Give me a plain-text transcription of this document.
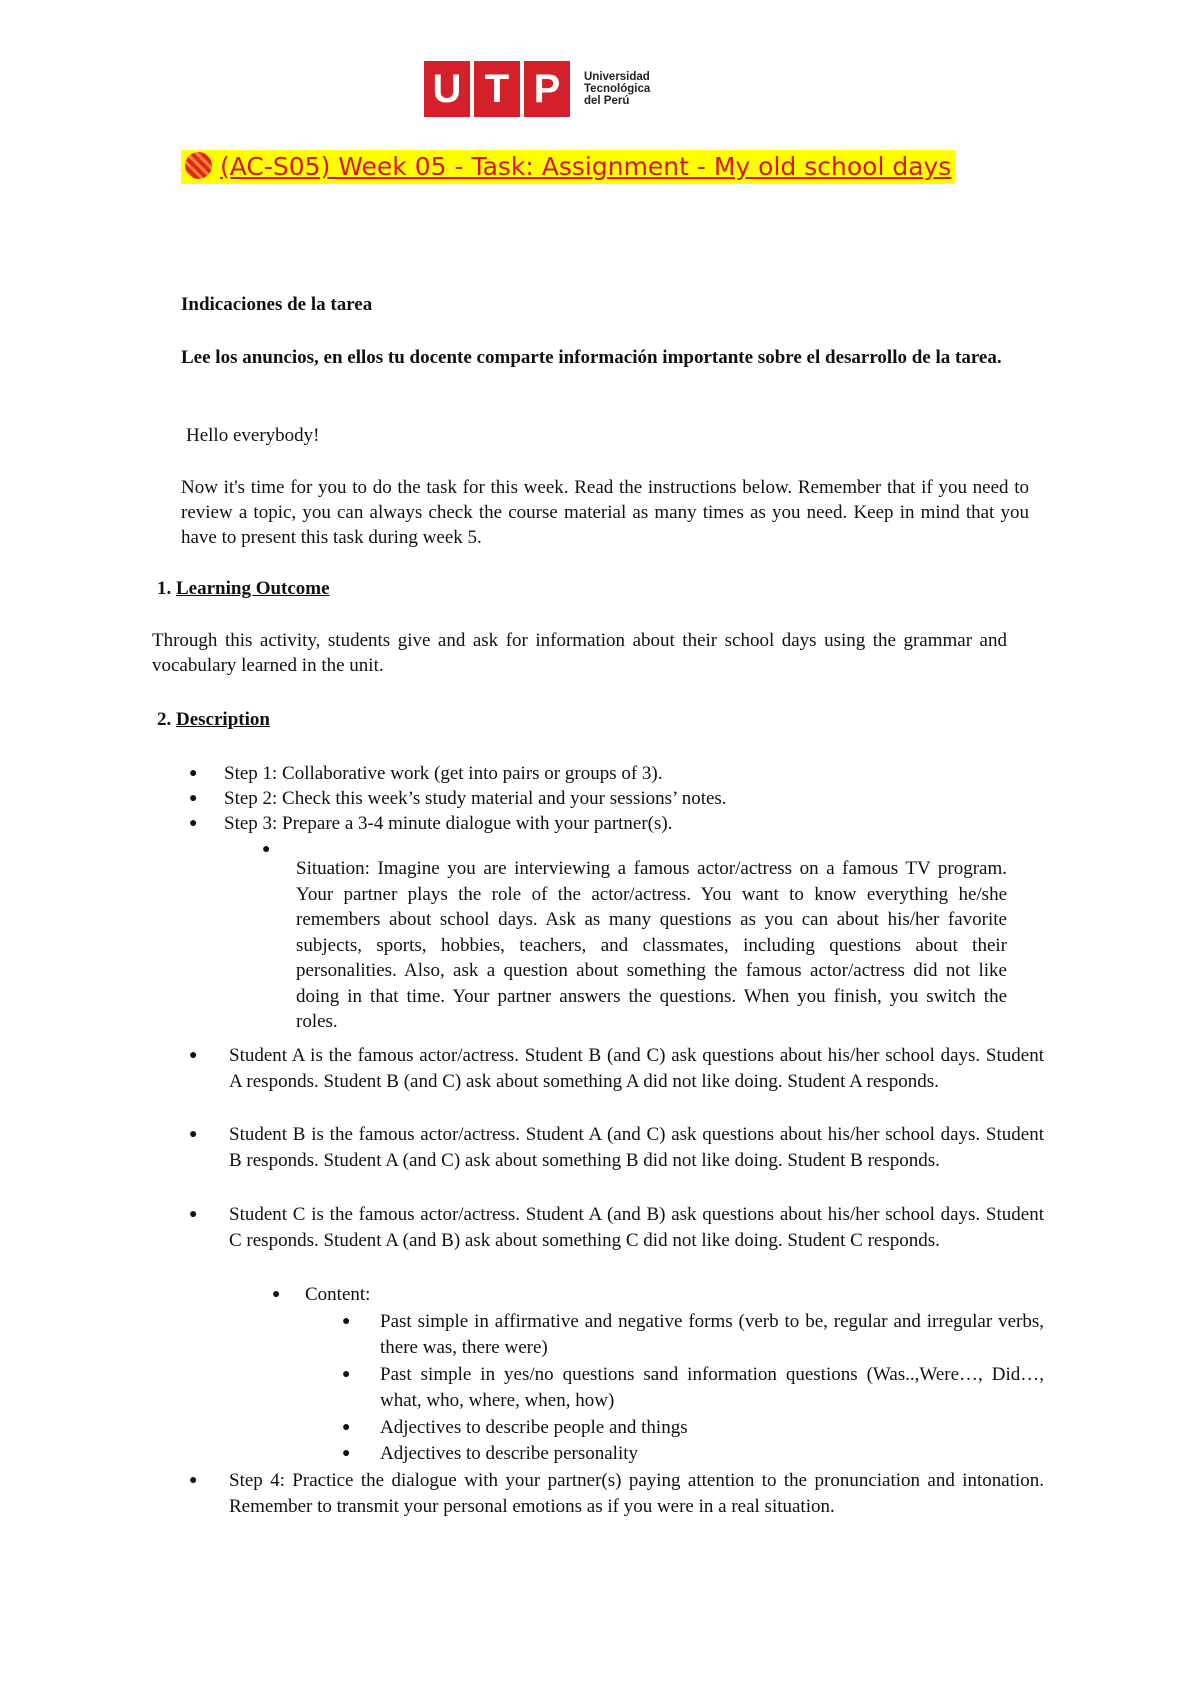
U T P	Universidad
Tecnológica
del Perú
(AC-S05) Week 05 - Task: Assignment - My old school days

Indicaciones de la tarea

Lee los anuncios, en ellos tu docente comparte información importante sobre el desarrollo de la tarea.

Hello everybody!

Now it's time for you to do the task for this week. Read the instructions below. Remember that if you need to review a topic, you can always check the course material as many times as you need. Keep in mind that you have to present this task during week 5.

1. Learning Outcome

Through this activity, students give and ask for information about their school days using the grammar and vocabulary learned in the unit.

2. Description

● Step 1: Collaborative work (get into pairs or groups of 3).

● Step 2: Check this week’s study material and your sessions’ notes.

● Step 3: Prepare a 3-4 minute dialogue with your partner(s).

●

Situation: Imagine you are interviewing a famous actor/actress on a famous TV program. Your partner plays the role of the actor/actress. You want to know everything he/she remembers about school days. Ask as many questions as you can about his/her favorite subjects, sports, hobbies, teachers, and classmates, including questions about their personalities. Also, ask a question about something the famous actor/actress did not like doing in that time. Your partner answers the questions. When you finish, you switch the roles.

● Student A is the famous actor/actress. Student B (and C) ask questions about his/her school days. Student A responds. Student B (and C) ask about something A did not like doing. Student A responds.

● Student B is the famous actor/actress. Student A (and C) ask questions about his/her school days. Student B responds. Student A (and C) ask about something B did not like doing. Student B responds.

● Student C is the famous actor/actress. Student A (and B) ask questions about his/her school days. Student C responds. Student A (and B) ask about something C did not like doing. Student C responds.

● Content:

● Past simple in affirmative and negative forms (verb to be, regular and irregular verbs, there was, there were)

● Past simple in yes/no questions sand information questions (Was..,Were…, Did…, what, who, where, when, how)

● Adjectives to describe people and things

● Adjectives to describe personality

● Step 4: Practice the dialogue with your partner(s) paying attention to the pronunciation and intonation. Remember to transmit your personal emotions as if you were in a real situation.
